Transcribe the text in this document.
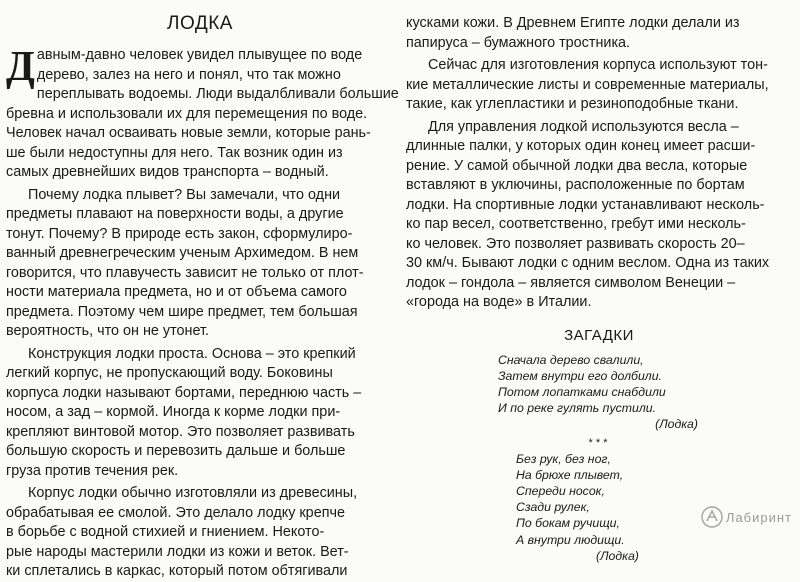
ЛОДКА

Д авным-давно человек увидел плывущее по воде
дерево, залез на него и понял, что так можно
переплывать водоемы. Люди выдалбливали большие
бревна и использовали их для перемещения по воде.
Человек начал осваивать новые земли, которые рань-
ше были недоступны для него. Так возник один из
самых древнейших видов транспорта – водный.

Почему лодка плывет? Вы замечали, что одни
предметы плавают на поверхности воды, а другие
тонут. Почему? В природе есть закон, сформулиро-
ванный древнегреческим ученым Архимедом. В нем
говорится, что плавучесть зависит не только от плот-
ности материала предмета, но и от объема самого
предмета. Поэтому чем шире предмет, тем большая
вероятность, что он не утонет.

Конструкция лодки проста. Основа – это крепкий
легкий корпус, не пропускающий воду. Боковины
корпуса лодки называют бортами, переднюю часть –
носом, а зад – кормой. Иногда к корме лодки при-
крепляют винтовой мотор. Это позволяет развивать
большую скорость и перевозить дальше и больше
груза против течения рек.

Корпус лодки обычно изготовляли из древесины,
обрабатывая ее смолой. Это делало лодку крепче
в борьбе с водной стихией и гниением. Некото-
рые народы мастерили лодки из кожи и веток. Вет-
ки сплетались в каркас, который потом обтягивали

кусками кожи. В Древнем Египте лодки делали из
папируса – бумажного тростника.

Сейчас для изготовления корпуса используют тон-
кие металлические листы и современные материалы,
такие, как углепластики и резиноподобные ткани.

Для управления лодкой используются весла –
длинные палки, у которых один конец имеет расши-
рение. У самой обычной лодки два весла, которые
вставляют в уключины, расположенные по бортам
лодки. На спортивные лодки устанавливают несколь-
ко пар весел, соответственно, гребут ими несколь-
ко человек. Это позволяет развивать скорость 20–
30 км/ч. Бывают лодки с одним веслом. Одна из таких
лодок – гондола – является символом Венеции –
«города на воде» в Италии.

ЗАГАДКИ
Сначала дерево свалили,
Затем внутри его долбили.
Потом лопатками снабдили
И по реке гулять пустили.
(Лодка)
* * *
Без рук, без ног,
На брюхе плывет,
Спереди носок,
Сзади рулек,
По бокам ручищи,
А внутри людищи.
(Лодка)
Лабиринт
